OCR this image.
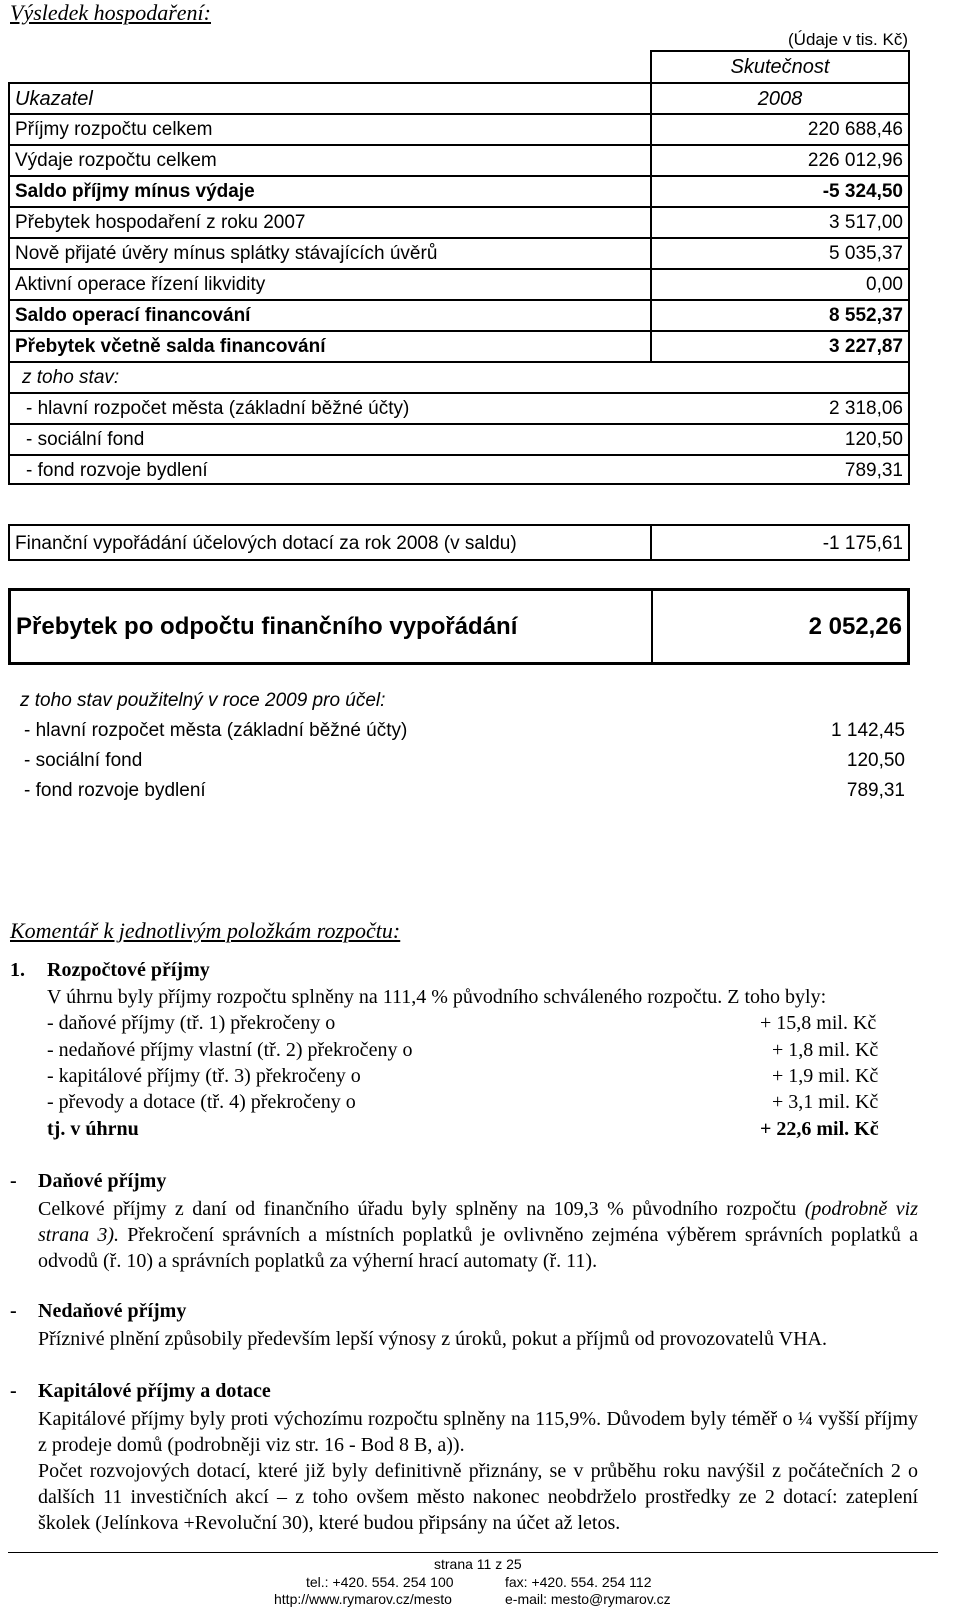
Výsledek hospodaření:
(Údaje v tis. Kč)
Skutečnost
Ukazatel	2008
Příjmy rozpočtu celkem	220 688,46
Výdaje rozpočtu celkem	226 012,96
Saldo příjmy mínus výdaje	-5 324,50
Přebytek hospodaření z roku 2007	3 517,00
Nově přijaté úvěry mínus splátky stávajících úvěrů	5 035,37
Aktivní operace řízení likvidity	0,00
Saldo operací financování	8 552,37
Přebytek včetně salda financování	3 227,87
z toho stav:
- hlavní rozpočet města (základní běžné účty)	2 318,06
- sociální fond	120,50
- fond rozvoje bydlení	789,31
Finanční vypořádání účelových dotací za rok 2008 (v saldu)	-1 175,61
Přebytek po odpočtu finančního vypořádání	2 052,26
z toho stav použitelný v roce 2009 pro účel:
- hlavní rozpočet města (základní běžné účty)	1 142,45
- sociální fond	120,50
- fond rozvoje bydlení	789,31
Komentář k jednotlivým položkám rozpočtu:
1. Rozpočtové příjmy
V úhrnu byly příjmy rozpočtu splněny na 111,4 % původního schváleného rozpočtu. Z toho byly:
- daňové příjmy (tř. 1) překročeny o	+ 15,8 mil. Kč
- nedaňové příjmy vlastní (tř. 2) překročeny o	+ 1,8 mil. Kč
- kapitálové příjmy (tř. 3) překročeny o	+ 1,9 mil. Kč
- převody a dotace (tř. 4) překročeny o	+ 3,1 mil. Kč
tj. v úhrnu	+ 22,6 mil. Kč
- Daňové příjmy
Celkové příjmy z daní od finančního úřadu byly splněny na 109,3 % původního rozpočtu (podrobně viz strana 3). Překročení správních a místních poplatků je ovlivněno zejména výběrem správních poplatků a odvodů (ř. 10) a správních poplatků za výherní hrací automaty (ř. 11).
- Nedaňové příjmy
Příznivé plnění způsobily především lepší výnosy z úroků, pokut a příjmů od provozovatelů VHA.
- Kapitálové příjmy a dotace
Kapitálové příjmy byly proti výchozímu rozpočtu splněny na 115,9%. Důvodem byly téměř o ¼ vyšší příjmy z prodeje domů (podrobněji viz str. 16 - Bod 8 B, a)).
Počet rozvojových dotací, které již byly definitivně přiznány, se v průběhu roku navýšil z počátečních 2 o dalších 11 investičních akcí – z toho ovšem město nakonec neobdrželo prostředky ze 2 dotací: zateplení školek (Jelínkova +Revoluční 30), které budou připsány na účet až letos.
strana 11 z 25
tel.: +420. 554. 254 100	fax: +420. 554. 254 112
http://www.rymarov.cz/mesto	e-mail: mesto@rymarov.cz
